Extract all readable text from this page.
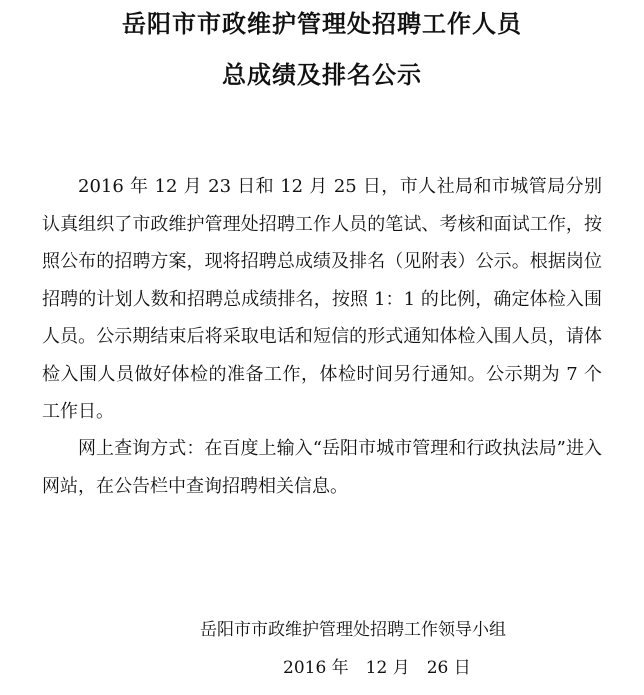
岳阳市市政维护管理处招聘工作人员
总成绩及排名公示

2016 年 12 月 23 日和 12 月 25 日，市人社局和市城管局分别认真组织了市政维护管理处招聘工作人员的笔试、考核和面试工作，按照公布的招聘方案，现将招聘总成绩及排名（见附表）公示。根据岗位招聘的计划人数和招聘总成绩排名，按照 1：1 的比例，确定体检入围人员。公示期结束后将采取电话和短信的形式通知体检入围人员，请体检入围人员做好体检的准备工作，体检时间另行通知。公示期为 7 个工作日。

网上查询方式：在百度上输入“岳阳市城市管理和行政执法局”进入网站，在公告栏中查询招聘相关信息。

岳阳市市政维护管理处招聘工作领导小组
2016 年　12 月　26 日
